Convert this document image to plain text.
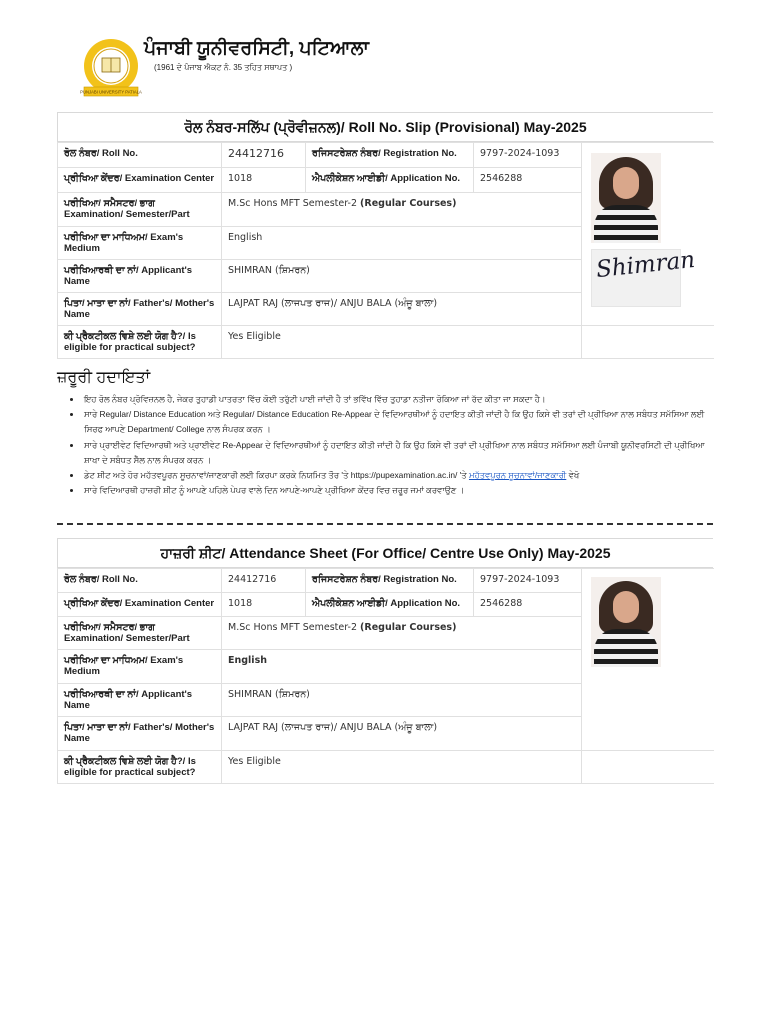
PUNJABI UNIVERSITY PATIALA
ਪੰਜਾਬੀ ਯੂਨੀਵਰਸਿਟੀ, ਪਟਿਆਲਾ
(1961 ਦੇ ਪੰਜਾਬ ਐਕਟ ਨੰ. 35 ਤਹਿਤ ਸਥਾਪਤ )
ਰੋਲ ਨੰਬਰ-ਸਲਿੱਪ (ਪ੍ਰੋਵੀਜ਼ਨਲ)/ Roll No. Slip (Provisional) May-2025
ਰੋਲ ਨੰਬਰ/ Roll No.	24412716	ਰਜਿਸਟਰੇਸ਼ਨ ਨੰਬਰ/ Registration No.	9797-2024-1093	Shimran

ਪ੍ਰੀਖਿਆ ਕੇਂਦਰ/ Examination Center	1018	ਐਪਲੀਕੇਸ਼ਨ ਆਈਡੀ/ Application No.	2546288	
ਪਰੀਖਿਆ/ ਸਮੈਸਟਰ/ ਭਾਗ Examination/ Semester/Part	M.Sc Hons MFT Semester-2 (Regular Courses)			
ਪਰੀਖਿਆ ਦਾ ਮਾਧਿਅਮ/ Exam's Medium	English			
ਪਰੀਖਿਆਰਥੀ ਦਾ ਨਾਂ/ Applicant's Name	SHIMRAN (ਸ਼ਿਮਰਨ)			
ਪਿਤਾ/ ਮਾਤਾ ਦਾ ਨਾਂ/ Father's/ Mother's Name	LAJPAT RAJ (ਲਾਜਪਤ ਰਾਜ)/ ANJU BALA (ਅੰਜੂ ਬਾਲਾ)			
ਕੀ ਪ੍ਰੈਕਟੀਕਲ ਵਿਸ਼ੇ ਲਈ ਯੋਗ ਹੈ?/ Is eligible for practical subject?	Yes Eligible			
ਜ਼ਰੂਰੀ ਹਦਾਇਤਾਂ
• ਇਹ ਰੋਲ ਨੰਬਰ ਪ੍ਰੋਵਿਜ਼ਨਲ ਹੈ, ਜੇਕਰ ਤੁਹਾਡੀ ਪਾਤਰਤਾ ਵਿੱਚ ਕੋਈ ਤਰੁੱਟੀ ਪਾਈ ਜਾਂਦੀ ਹੈ ਤਾਂ ਭਵਿੱਖ ਵਿੱਚ ਤੁਹਾਡਾ ਨਤੀਜਾ ਰੋਕਿਆ ਜਾਂ ਰੱਦ ਕੀਤਾ ਜਾ ਸਕਦਾ ਹੈ।
• ਸਾਰੇ Regular/ Distance Education ਅਤੇ Regular/ Distance Education Re-Appear ਦੇ ਵਿਦਿਆਰਥੀਆਂ ਨੂੰ ਹਦਾਇਤ ਕੀਤੀ ਜਾਂਦੀ ਹੈ ਕਿ ਉਹ ਕਿਸੇ ਵੀ ਤਰਾਂ ਦੀ ਪ੍ਰੀਖਿਆ ਨਾਲ ਸਬੰਧਤ ਸਮੱਸਿਆ ਲਈ ਸਿਰਫ ਆਪਣੇ Department/ College ਨਾਲ ਸੰਪਰਕ ਕਰਨ ।
• ਸਾਰੇ ਪ੍ਰਾਈਵੇਟ ਵਿਦਿਆਰਥੀ ਅਤੇ ਪ੍ਰਾਈਵੇਟ Re-Appear ਦੇ ਵਿਦਿਆਰਥੀਆਂ ਨੂੰ ਹਦਾਇਤ ਕੀਤੀ ਜਾਂਦੀ ਹੈ ਕਿ ਉਹ ਕਿਸੇ ਵੀ ਤਰਾਂ ਦੀ ਪ੍ਰੀਖਿਆ ਨਾਲ ਸਬੰਧਤ ਸਮੱਸਿਆ ਲਈ ਪੰਜਾਬੀ ਯੂਨੀਵਰਸਿਟੀ ਦੀ ਪ੍ਰੀਖਿਆ ਸ਼ਾਖਾ ਦੇ ਸਬੰਧਤ ਸੈੱਲ ਨਾਲ ਸੰਪਰਕ ਕਰਨ ।
• ਡੇਟ ਸ਼ੀਟ ਅਤੇ ਹੋਰ ਮਹੱਤਵਪੂਰਨ ਸੂਚਨਾਵਾਂ/ਜਾਣਕਾਰੀ ਲਈ ਕਿਰਪਾ ਕਰਕੇ ਨਿਯਮਿਤ ਤੌਰ 'ਤੇ https://pupexamination.ac.in/ 'ਤੇ ਮਹੱਤਵਪੂਰਨ ਸੂਚਨਾਵਾਂ/ਜਾਣਕਾਰੀ ਵੇਖੋ
• ਸਾਰੇ ਵਿਦਿਆਰਥੀ ਹਾਜ਼ਰੀ ਸ਼ੀਟ ਨੂੰ ਆਪਣੇ ਪਹਿਲੇ ਪੇਪਰ ਵਾਲੇ ਦਿਨ ਆਪਣੇ-ਆਪਣੇ ਪ੍ਰੀਖਿਆ ਕੇਂਦਰ ਵਿਚ ਜ਼ਰੂਰ ਜਮਾਂ ਕਰਵਾਉਣ ।
ਹਾਜ਼ਰੀ ਸ਼ੀਟ/ Attendance Sheet (For Office/ Centre Use Only) May-2025
ਰੋਲ ਨੰਬਰ/ Roll No.	24412716	ਰਜਿਸਟਰੇਸ਼ਨ ਨੰਬਰ/ Registration No.	9797-2024-1093	

ਪ੍ਰੀਖਿਆ ਕੇਂਦਰ/ Examination Center	1018	ਐਪਲੀਕੇਸ਼ਨ ਆਈਡੀ/ Application No.	2546288	
ਪਰੀਖਿਆ/ ਸਮੈਸਟਰ/ ਭਾਗ Examination/ Semester/Part	M.Sc Hons MFT Semester-2 (Regular Courses)			
ਪਰੀਖਿਆ ਦਾ ਮਾਧਿਅਮ/ Exam's Medium	English			
ਪਰੀਖਿਆਰਥੀ ਦਾ ਨਾਂ/ Applicant's Name	SHIMRAN (ਸ਼ਿਮਰਨ)			
ਪਿਤਾ/ ਮਾਤਾ ਦਾ ਨਾਂ/ Father's/ Mother's Name	LAJPAT RAJ (ਲਾਜਪਤ ਰਾਜ)/ ANJU BALA (ਅੰਜੂ ਬਾਲਾ)			
ਕੀ ਪ੍ਰੈਕਟੀਕਲ ਵਿਸ਼ੇ ਲਈ ਯੋਗ ਹੈ?/ Is eligible for practical subject?	Yes Eligible			
